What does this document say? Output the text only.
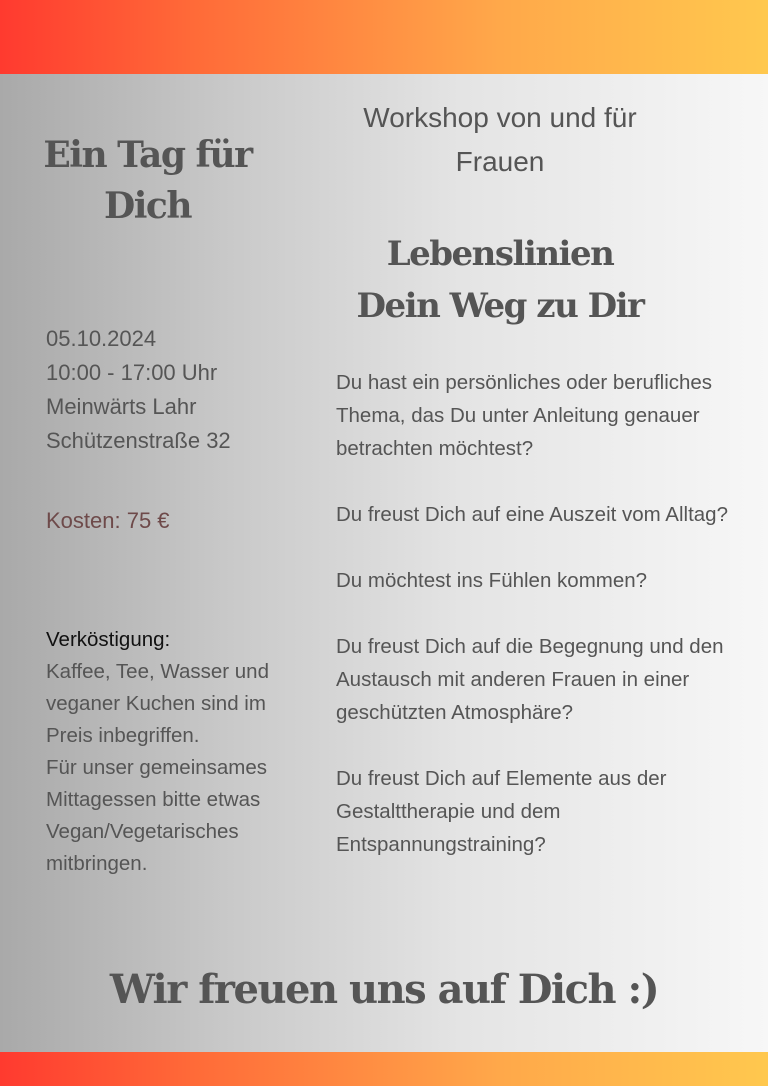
Ein Tag für
Dich
Workshop von und für
Frauen
Lebenslinien
Dein Weg zu Dir
05.10.2024
10:00 - 17:00 Uhr
Meinwärts Lahr
Schützenstraße 32
Kosten: 75 €
Verköstigung:
Kaffee, Tee, Wasser und
veganer Kuchen sind im
Preis inbegriffen.
Für unser gemeinsames
Mittagessen bitte etwas
Vegan/Vegetarisches
mitbringen.

Du hast ein persönliches oder berufliches Thema, das Du unter Anleitung genauer betrachten möchtest?

Du freust Dich auf eine Auszeit vom Alltag?

Du möchtest ins Fühlen kommen?

Du freust Dich auf die Begegnung und den Austausch mit anderen Frauen in einer geschützten Atmosphäre?

Du freust Dich auf Elemente aus der Gestalttherapie und dem Entspannungstraining?

Wir freuen uns auf Dich :)
